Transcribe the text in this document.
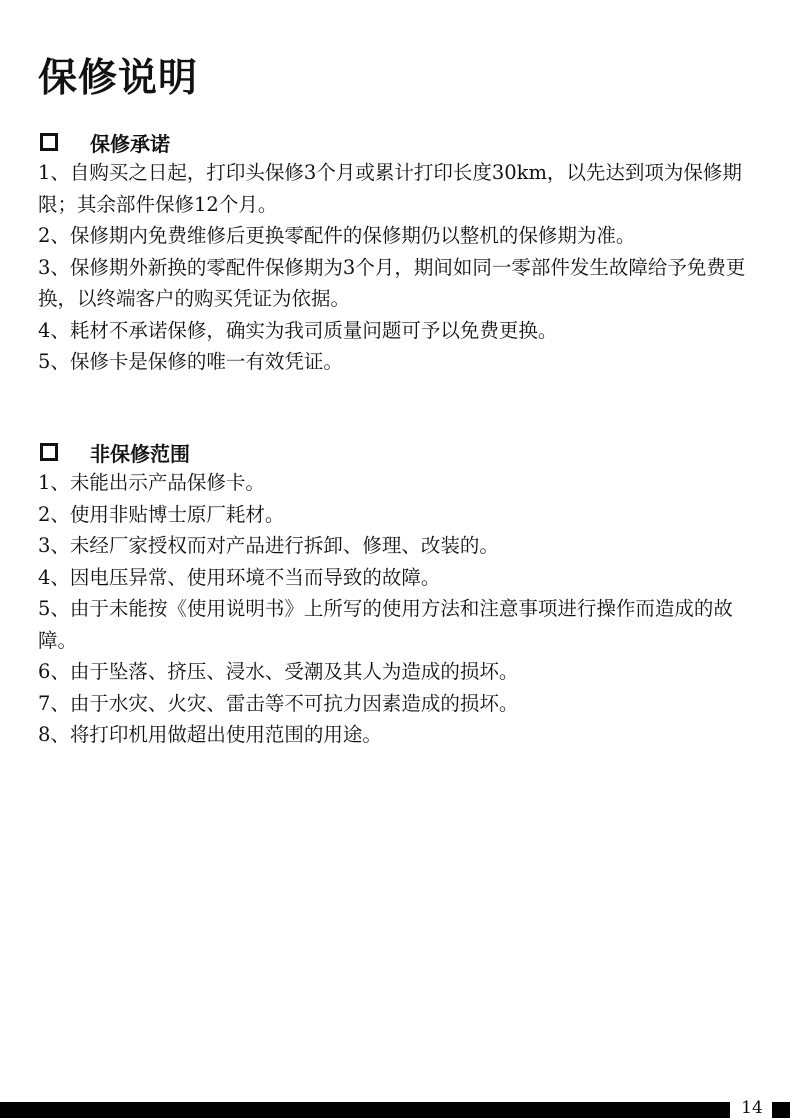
保修说明
保修承诺

1、自购买之日起，打印头保修3个月或累计打印长度30km，以先达到项为保修期限；其余部件保修12个月。

2、保修期内免费维修后更换零配件的保修期仍以整机的保修期为准。

3、保修期外新换的零配件保修期为3个月，期间如同一零部件发生故障给予免费更换，以终端客户的购买凭证为依据。

4、耗材不承诺保修，确实为我司质量问题可予以免费更换。

5、保修卡是保修的唯一有效凭证。

非保修范围

1、未能出示产品保修卡。

2、使用非贴博士原厂耗材。

3、未经厂家授权而对产品进行拆卸、修理、改装的。

4、因电压异常、使用环境不当而导致的故障。

5、由于未能按《使用说明书》上所写的使用方法和注意事项进行操作而造成的故障。

6、由于坠落、挤压、浸水、受潮及其人为造成的损坏。

7、由于水灾、火灾、雷击等不可抗力因素造成的损坏。

8、将打印机用做超出使用范围的用途。

14
